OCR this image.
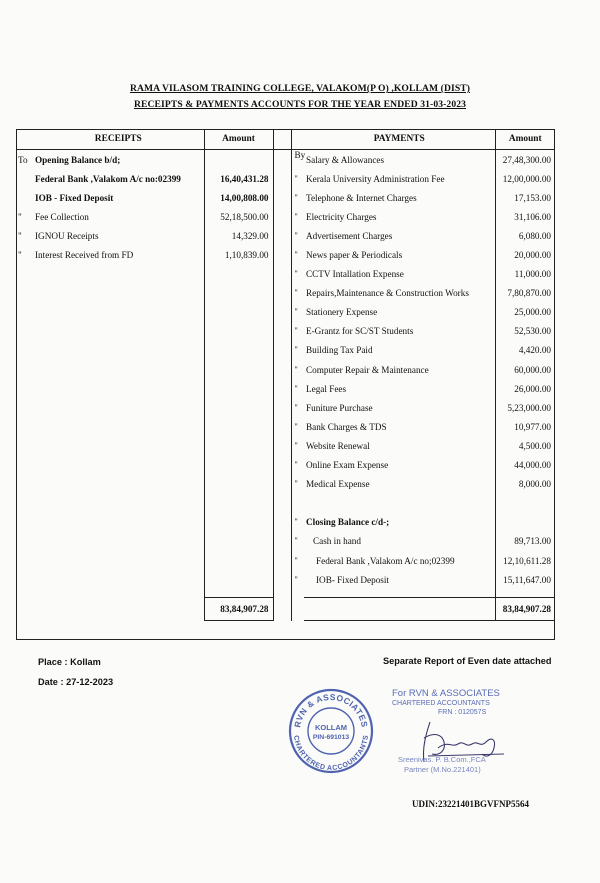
RAMA VILASOM TRAINING COLLEGE, VALAKOM(P O) ,KOLLAM (DIST)
RECEIPTS & PAYMENTS ACCOUNTS FOR THE YEAR ENDED 31-03-2023
	RECEIPTS	Amount			PAYMENTS	Amount
To	Opening Balance b/d;			By	Salary & Allowances	27,48,300.00
	Federal Bank ,Valakom A/c no:02399	16,40,431.28		"	Kerala University Administration Fee	12,00,000.00
	IOB - Fixed Deposit	14,00,808.00		"	Telephone & Internet Charges	17,153.00
"	Fee Collection	52,18,500.00		"	Electricity Charges	31,106.00
"	IGNOU Receipts	14,329.00		"	Advertisement Charges	6,080.00
"	Interest Received from FD	1,10,839.00		"	News paper & Periodicals	20,000.00
				"	CCTV Intallation Expense	11,000.00
				"	Repairs,Maintenance & Construction Works	7,80,870.00
				"	Stationery Expense	25,000.00
				"	E-Grantz for SC/ST Students	52,530.00
				"	Building Tax Paid	4,420.00
				"	Computer Repair & Maintenance	60,000.00
				"	Legal Fees	26,000.00
				"	Funiture Purchase	5,23,000.00
				"	Bank Charges & TDS	10,977.00
				"	Website Renewal	4,500.00
				"	Online Exam Expense	44,000.00
				"	Medical Expense	8,000.00

				"	Closing Balance c/d-;	
				"	Cash in hand	89,713.00
				"	Federal Bank ,Valakom A/c no;02399	12,10,611.28
				"	IOB- Fixed Deposit	15,11,647.00

		83,84,907.28				83,84,907.28
Place : Kollam
Date : 27-12-2023
Separate Report of Even date attached
RVN & ASSOCIATES
CHARTERED ACCOUNTANTS
KOLLAM
PIN-691013
For RVN & ASSOCIATES
CHARTERED ACCOUNTANTS
FRN : 012057S
Sreenivas. P. B.Com.,FCA
Partner (M.No.221401)
UDIN:23221401BGVFNP5564
